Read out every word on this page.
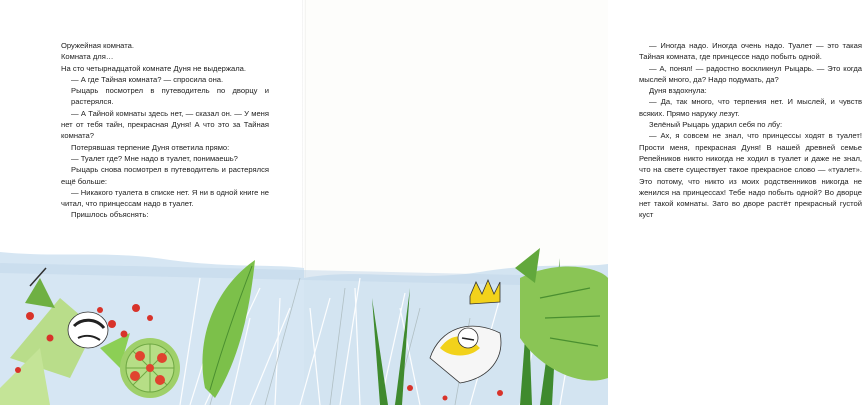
Оружейная комната.

Комната для…

На сто четырнадцатой комнате Дуня не выдержала.

— А где Тайная комната? — спросила она.

Рыцарь посмотрел в путеводитель по дворцу и растерялся.

— А Тайной комнаты здесь нет, — сказал он. — У меня нет от тебя тайн, прекрасная Дуня! А что это за Тайная комната?

Потерявшая терпение Дуня ответила прямо:

— Туалет где? Мне надо в туалет, понимаешь?

Рыцарь снова посмотрел в путеводитель и растерялся ещё больше:

— Никакого туалета в списке нет. Я ни в одной книге не читал, что принцессам надо в туалет.

Пришлось объяснять:

— Иногда надо. Иногда очень надо. Туалет — это такая Тайная комната, где принцессе надо побыть одной.

— А, понял! — радостно воскликнул Рыцарь. — Это когда мыслей много, да? Надо подумать, да?

Дуня вздохнула:

— Да, так много, что терпения нет. И мыслей, и чувств всяких. Прямо наружу лезут.

Зелёный Рыцарь ударил себя по лбу:

— Ах, я совсем не знал, что принцессы ходят в туалет! Прости меня, прекрасная Дуня! В нашей древней семье Репейников никто никогда не ходил в туалет и даже не знал, что на свете существует такое прекрасное слово — «туалет». Это потому, что никто из моих родственников никогда не женился на принцессах! Тебе надо побыть одной? Во дворце нет такой комнаты. Зато во дворе растёт прекрасный густой куст
